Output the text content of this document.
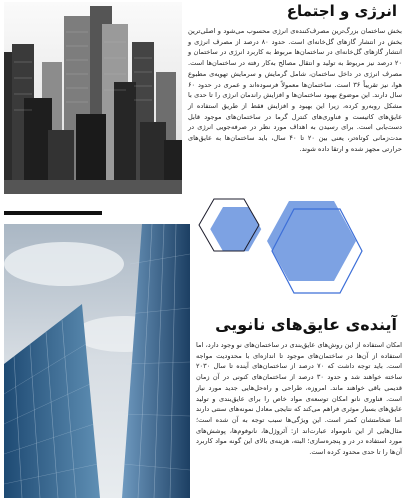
انرژی و اجتماع

بخش ساختمان بزرگ‌ترین مصرف‌کننده‌ی انرژی محسوب می‌شود و اصلی‌ترین بخش در انتشار گازهای گل‌خانه‌ای است. حدود ۸۰ درصد از مصرف انرژی و انتشار گازهای گل‌خانه‌ای در ساختمان‌ها مربوط به کاربرد انرژی در ساختمان و ۲۰ درصد نیز مربوط به تولید و انتقال مصالح به‌کار رفته در ساختمان‌ها است. مصرف انرژی در داخل ساختمان، شامل گرمایش و سرمایش تهویه‌ی مطبوع هوا، نیز تقریباً ۳۶ است. ساختمان‌ها معمولاً فرسوده‌اند و عمری در حدود ۶۰ سال دارند. این موضوع بهبود ساختمان‌ها و افزایش راندمان انرژی را تا حدی با مشکل روبه‌رو کرده، زیرا این بهبود و افزایش فقط از طریق استفاده از عایق‌های کاتیست و فناوری‌های کنترل گرما در ساختمان‌های موجود قابل دست‌یابی است. برای رسیدن به اهداف مورد نظر در صرفه‌جویی انرژی در مدت‌زمانی کوتاه‌تر، یعنی بین ۲۰ تا ۴۰ سال، باید ساختمان‌ها به عایق‌های حرارتی مجهز شده و ارتقا داده شوند.

آینده‌ی عایق‌های نانویی

امکان استفاده از این روش‌های عایق‌بندی در ساختمان‌های نو وجود دارد، اما استفاده از آن‌ها در ساختمان‌های موجود تا اندازه‌ای با محدودیت مواجه است. باید توجه داشت که ۷۰ درصد از ساختمان‌های آینده تا سال ۲۰۳۰ ساخته خواهند شد و حدود ۳۰ درصد از ساختمان‌های کنونی در آن زمان قدیمی باقی خواهند ماند. امروزه، طراحی و راه‌حل‌هایی جدید مورد نیاز است. فناوری نانو امکان توسعه‌ی مواد خاص را برای عایق‌بندی و تولید عایق‌های بسیار موثری فراهم می‌کند که نتایجی معادل نمونه‌های سنتی دارند اما ضخامتشان کمتر است. این ویژگی‌ها سبب توجه به آن شده است؛ مثال‌هایی از این نانومواد عبارت‌اند از: آئروژل‌ها، نانوفوم‌ها، پوشش‌های مورد استفاده در در و پنجره‌سازی؛ البته، هزینه‌ی بالای این گونه مواد کاربرد آن‌ها را تا حدی محدود کرده است.
